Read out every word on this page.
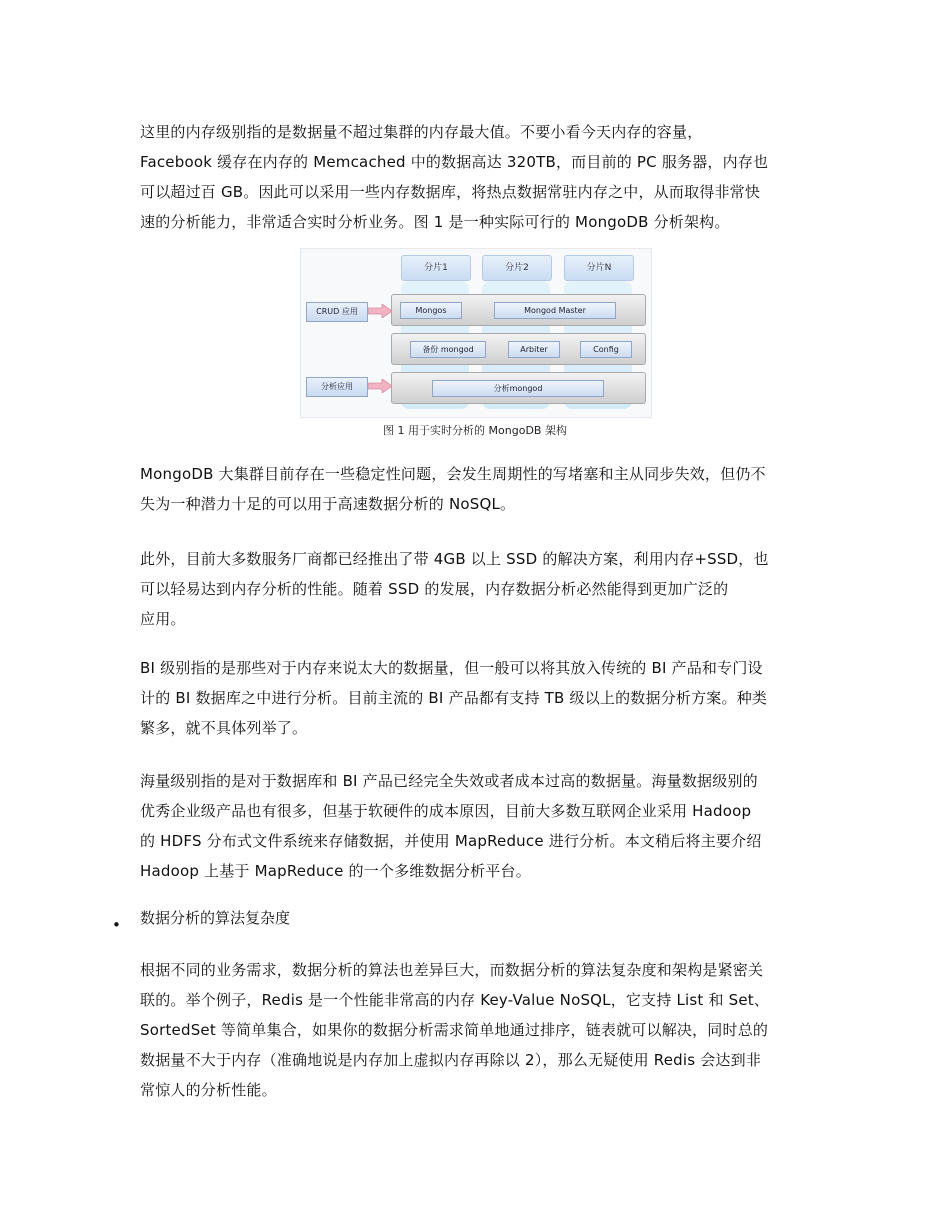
这里的内存级别指的是数据量不超过集群的内存最大值。不要小看今天内存的容量，
Facebook 缓存在内存的 Memcached 中的数据高达 320TB，而目前的 PC 服务器，内存也
可以超过百 GB。因此可以采用一些内存数据库，将热点数据常驻内存之中，从而取得非常快
速的分析能力，非常适合实时分析业务。图 1 是一种实际可行的 MongoDB 分析架构。
分片1	分片2	分片N
Mongos	Mongod Master
备份 mongod	Arbiter	Config
分析mongod
CRUD 应用
分析应用
图 1 用于实时分析的 MongoDB 架构
MongoDB 大集群目前存在一些稳定性问题，会发生周期性的写堵塞和主从同步失效，但仍不
失为一种潜力十足的可以用于高速数据分析的 NoSQL。
此外，目前大多数服务厂商都已经推出了带 4GB 以上 SSD 的解决方案，利用内存+SSD，也
可以轻易达到内存分析的性能。随着 SSD 的发展，内存数据分析必然能得到更加广泛的
应用。
BI 级别指的是那些对于内存来说太大的数据量，但一般可以将其放入传统的 BI 产品和专门设
计的 BI 数据库之中进行分析。目前主流的 BI 产品都有支持 TB 级以上的数据分析方案。种类
繁多，就不具体列举了。
海量级别指的是对于数据库和 BI 产品已经完全失效或者成本过高的数据量。海量数据级别的
优秀企业级产品也有很多，但基于软硬件的成本原因，目前大多数互联网企业采用 Hadoop
的 HDFS 分布式文件系统来存储数据，并使用 MapReduce 进行分析。本文稍后将主要介绍
Hadoop 上基于 MapReduce 的一个多维数据分析平台。
• 数据分析的算法复杂度
根据不同的业务需求，数据分析的算法也差异巨大，而数据分析的算法复杂度和架构是紧密关
联的。举个例子，Redis 是一个性能非常高的内存 Key-Value NoSQL，它支持 List 和 Set、
SortedSet 等简单集合，如果你的数据分析需求简单地通过排序，链表就可以解决，同时总的
数据量不大于内存（准确地说是内存加上虚拟内存再除以 2），那么无疑使用 Redis 会达到非
常惊人的分析性能。
